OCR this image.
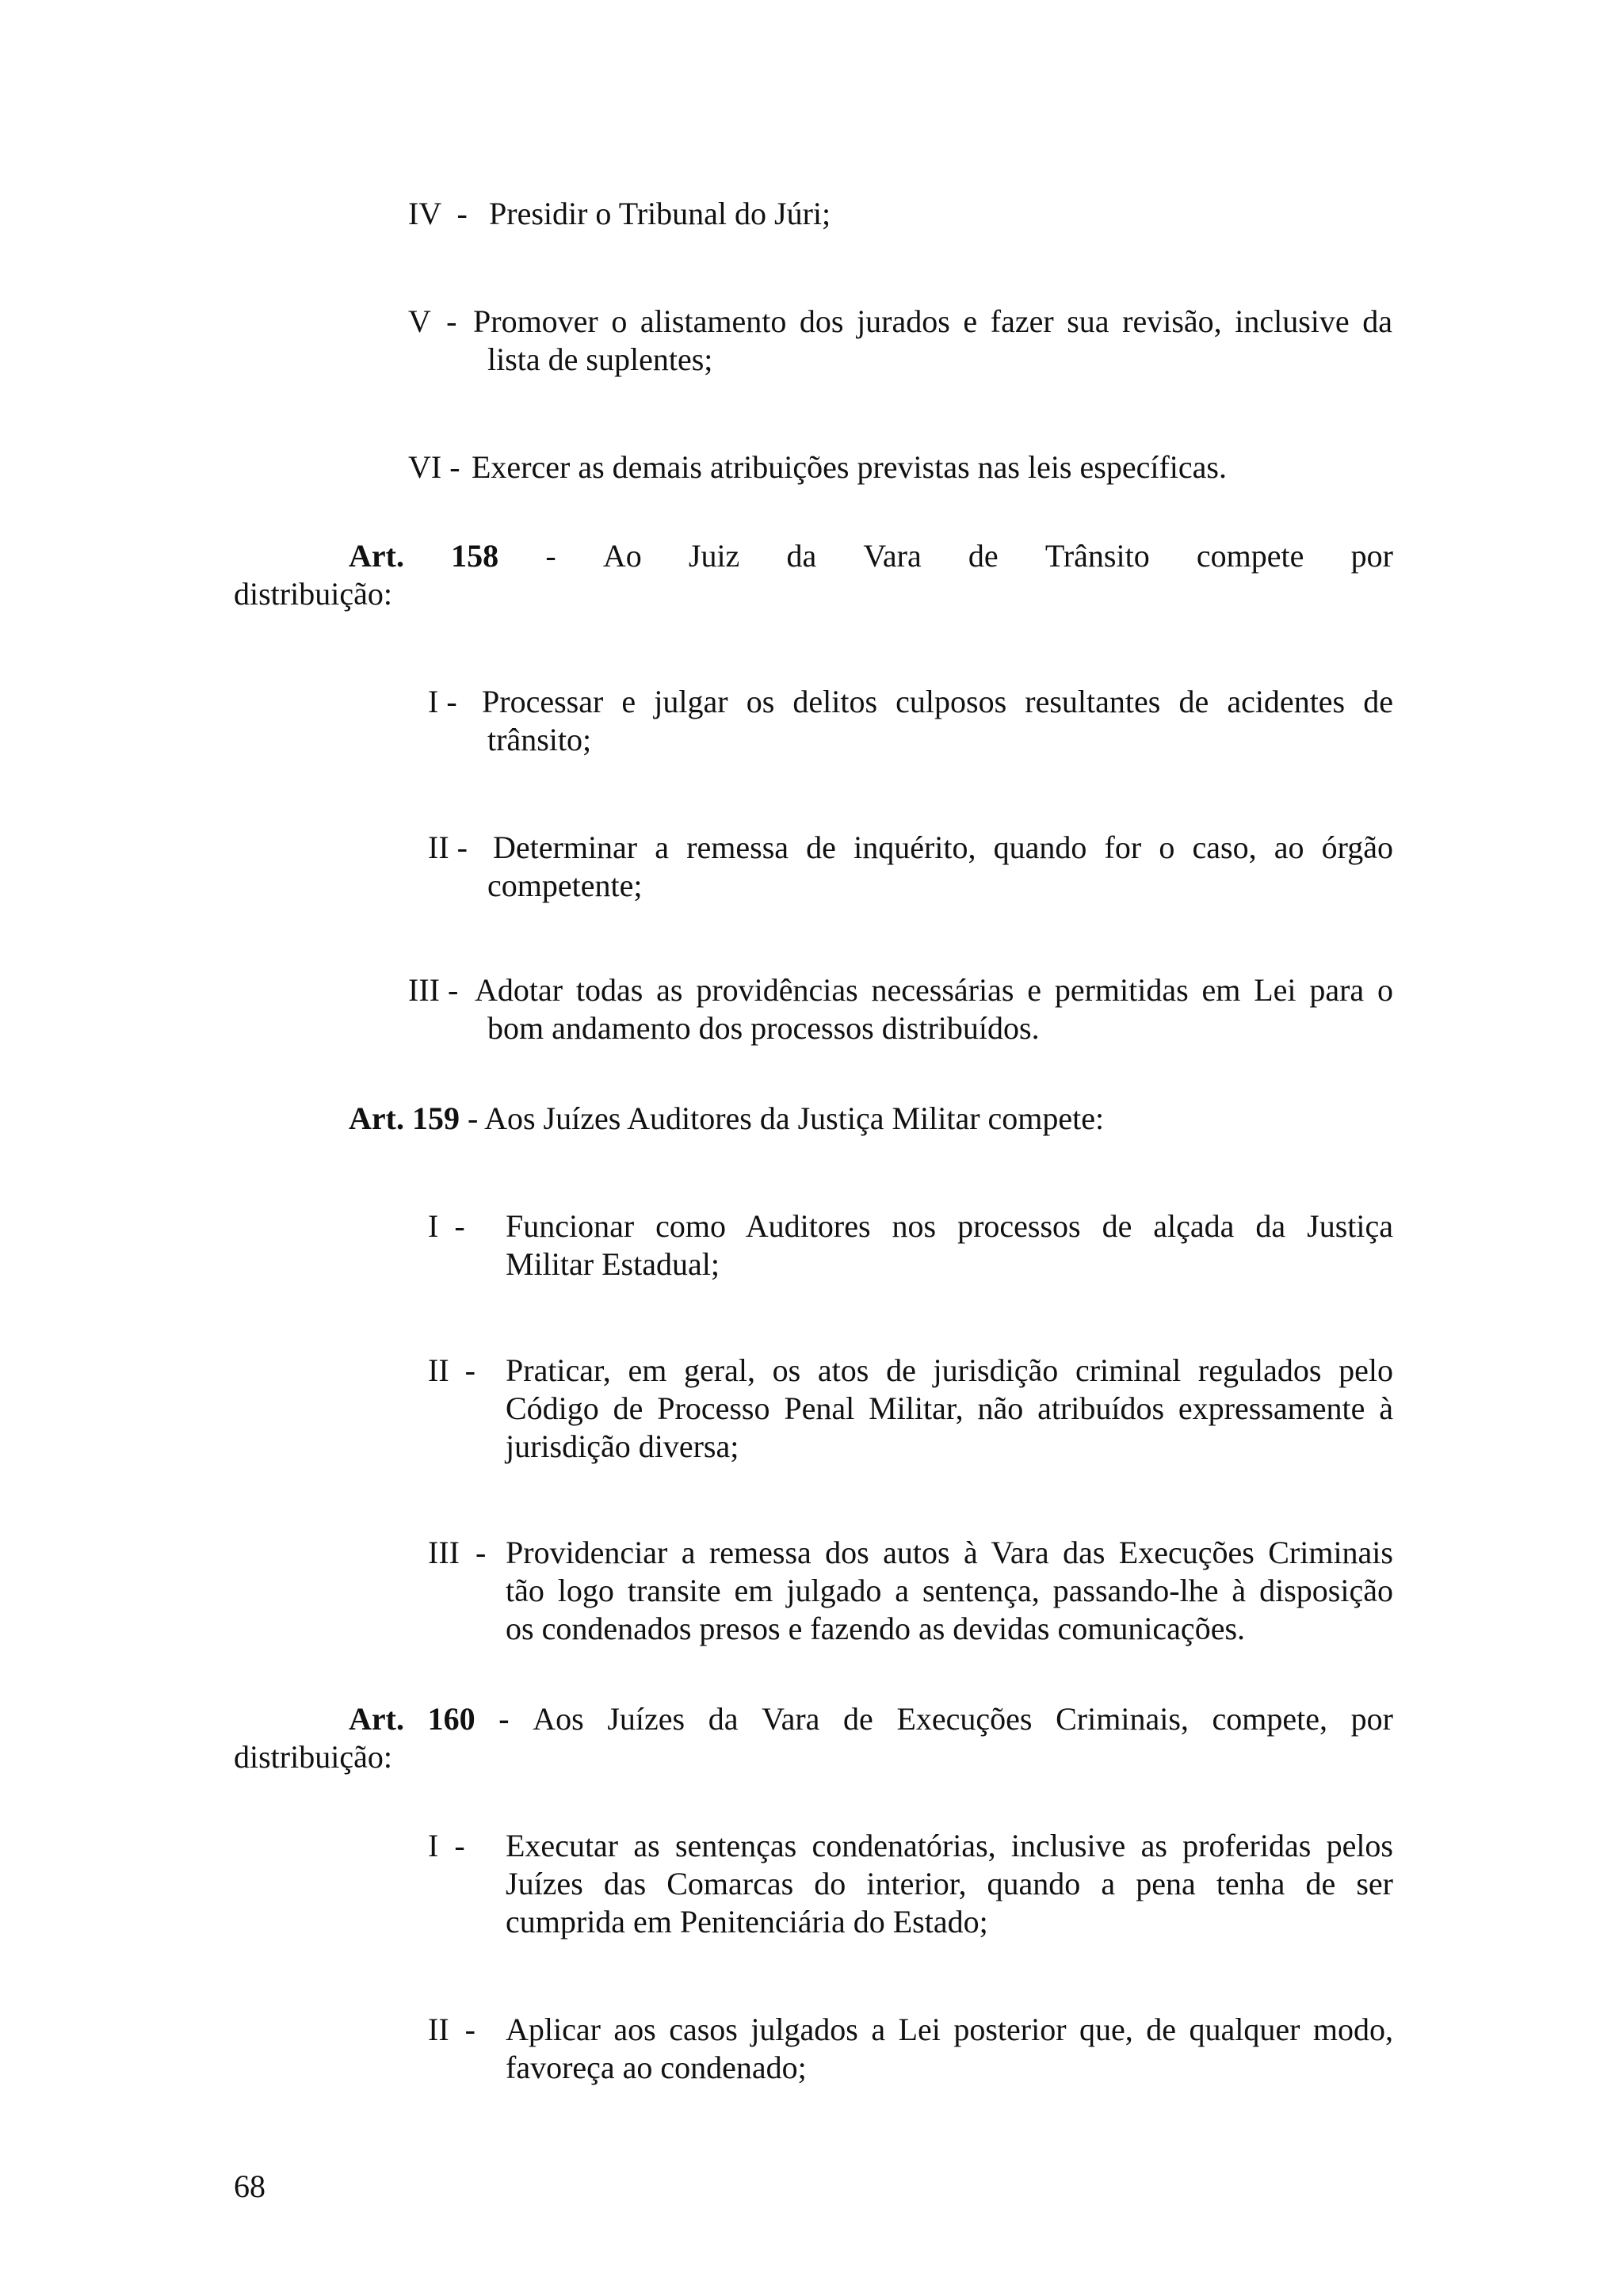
IV  - Presidir o Tribunal do Júri;
V  - Promover o alistamento dos jurados e fazer sua revisão, inclusive da
lista de suplentes;
VI - Exercer as demais atribuições previstas nas leis específicas.
Art. 158 - Ao Juiz da Vara de Trânsito compete por
distribuição:
I - Processar e julgar os delitos culposos resultantes de acidentes de
trânsito;
II - Determinar a remessa de inquérito, quando for o caso, ao órgão
competente;
III - Adotar todas as providências necessárias e permitidas em Lei para o
bom andamento dos processos distribuídos.
Art. 159 - Aos Juízes Auditores da Justiça Militar compete:
I  - Funcionar como Auditores nos processos de alçada da Justiça
Militar Estadual;
II  - Praticar, em geral, os atos de jurisdição criminal regulados pelo
Código de Processo Penal Militar, não atribuídos expressamente à
jurisdição diversa;
III  - Providenciar a remessa dos autos à Vara das Execuções Criminais
tão logo transite em julgado a sentença, passando-lhe à disposição
os condenados presos e fazendo as devidas comunicações.
Art. 160 - Aos Juízes da Vara de Execuções Criminais, compete, por
distribuição:
I  - Executar as sentenças condenatórias, inclusive as proferidas pelos
Juízes das Comarcas do interior, quando a pena tenha de ser
cumprida em Penitenciária do Estado;
II  - Aplicar aos casos julgados a Lei posterior que, de qualquer modo,
favoreça ao condenado;
68
